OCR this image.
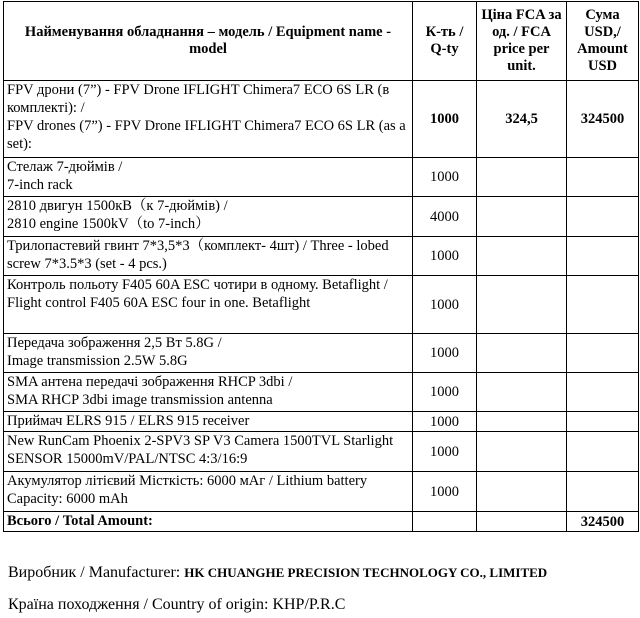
Найменування обладнання – модель / Equipment name - model	К-ть / Q-ty	Ціна FCA за од. / FCA price per unit.	Сума USD,/ Amount USD
FPV дрони (7”) - FPV Drone IFLIGHT Chimera7 ECO 6S LR (в комплекті): /
FPV drones (7”) - FPV Drone IFLIGHT Chimera7 ECO 6S LR (as a set):	1000	324,5	324500
Стелаж 7-дюймів /
7-inch rack	1000		
2810 двигун 1500кВ（к 7-дюймів) /
2810 engine 1500kV（to 7-inch）	4000		
Трилопастевий гвинт 7*3,5*3（комплект- 4шт) / Three - lobed screw 7*3.5*3 (set - 4 pcs.)	1000		
Контроль польоту F405 60A ESC чотири в одному. Betaflight /
Flight control F405 60A ESC four in one. Betaflight	1000		
Передача зображення 2,5 Вт 5.8G /
Image transmission 2.5W 5.8G	1000		
SMA антена передачі зображення RHCP 3dbi /
SMA RHCP 3dbi image transmission antenna	1000		
Приймач ELRS 915 / ELRS 915 receiver	1000		
New RunCam Phoenix 2-SPV3 SP V3 Camera 1500TVL Starlight SENSOR 15000mV/PAL/NTSC 4:3/16:9	1000		
Акумулятор літієвий Місткість: 6000 мАг / Lithium battery Capacity: 6000 mAh	1000		
Всього / Total Amount:			324500
Виробник / Manufacturer: HK CHUANGHE PRECISION TECHNOLOGY CO., LIMITED
Країна походження / Country of origin: KHP/P.R.C
